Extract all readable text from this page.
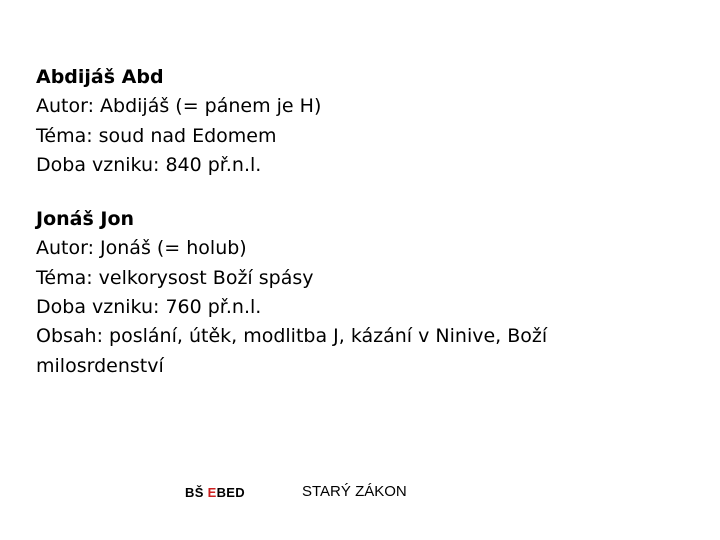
Abdijáš Abd
Autor: Abdijáš (= pánem je H)
Téma: soud nad Edomem
Doba vzniku: 840 př.n.l.
Jonáš Jon
Autor: Jonáš (= holub)
Téma: velkorysost Boží spásy
Doba vzniku: 760 př.n.l.
Obsah: poslání, útěk, modlitba J, kázání v Ninive, Boží milosrdenství
BŠ EBED	STARÝ ZÁKON
